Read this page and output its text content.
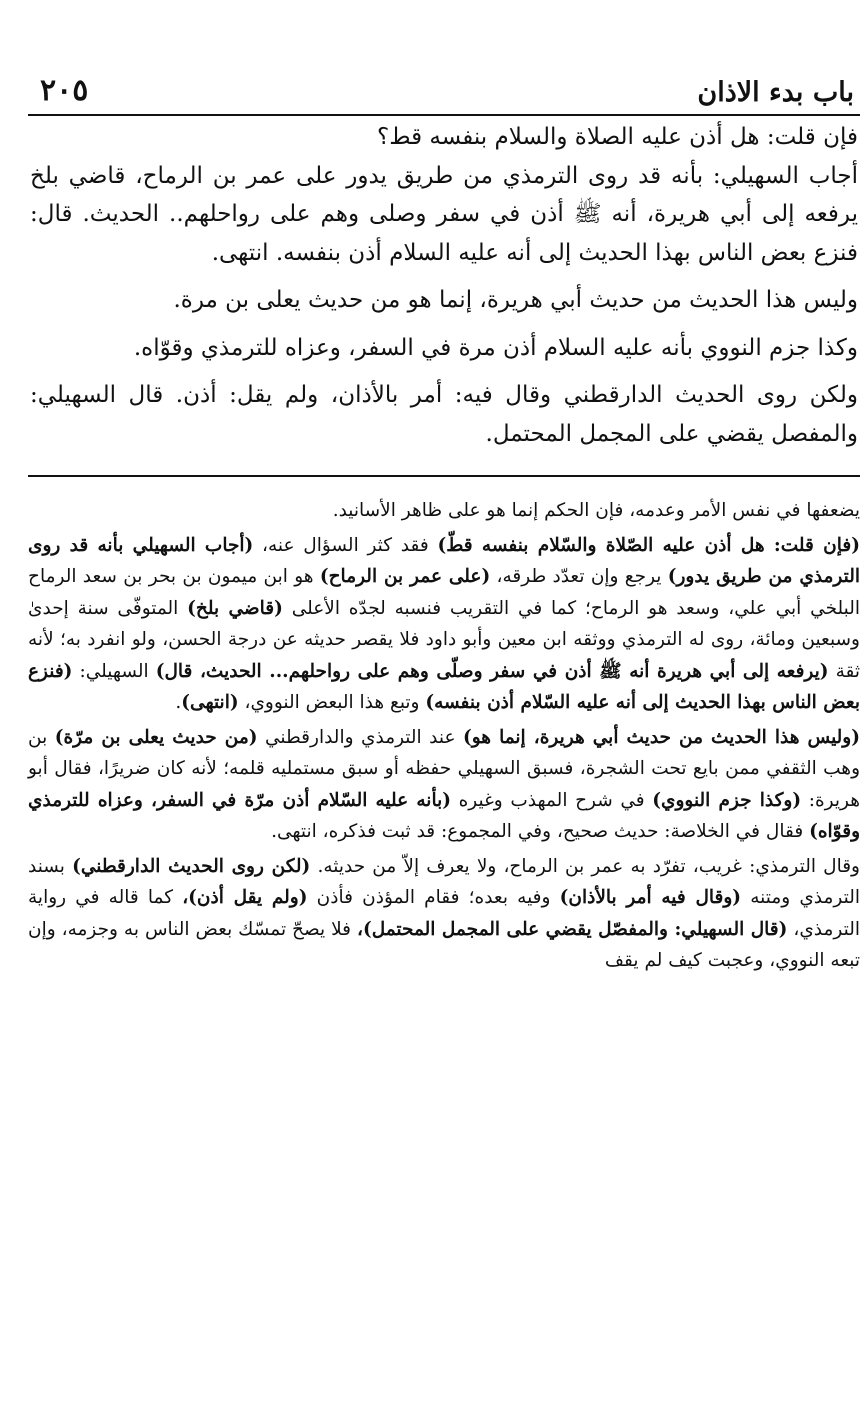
باب بدء الاذان
٢٠٥

فإن قلت: هل أذن عليه الصلاة والسلام بنفسه قط؟

أجاب السهيلي: بأنه قد روى الترمذي من طريق يدور على عمر بن الرماح، قاضي بلخ يرفعه إلى أبي هريرة، أنه ﷺ أذن في سفر وصلى وهم على رواحلهم.. الحديث. قال: فنزع بعض الناس بهذا الحديث إلى أنه عليه السلام أذن بنفسه. انتهى.

وليس هذا الحديث من حديث أبي هريرة، إنما هو من حديث يعلى بن مرة.

وكذا جزم النووي بأنه عليه السلام أذن مرة في السفر، وعزاه للترمذي وقوّاه.

ولكن روى الحديث الدارقطني وقال فيه: أمر بالأذان، ولم يقل: أذن. قال السهيلي: والمفصل يقضي على المجمل المحتمل.

يضعفها في نفس الأمر وعدمه، فإن الحكم إنما هو على ظاهر الأسانيد.

(فإن قلت: هل أذن عليه الصّلاة والسّلام بنفسه قطّ) فقد كثر السؤال عنه، (أجاب السهيلي بأنه قد روى الترمذي من طريق يدور) يرجع وإن تعدّد طرقه، (على عمر بن الرماح) هو ابن ميمون بن بحر بن سعد الرماح البلخي أبي علي، وسعد هو الرماح؛ كما في التقريب فنسبه لجدّه الأعلى (قاضي بلخ) المتوفّى سنة إحدىٰ وسبعين ومائة، روى له الترمذي ووثقه ابن معين وأبو داود فلا يقصر حديثه عن درجة الحسن، ولو انفرد به؛ لأنه ثقة (يرفعه إلى أبي هريرة أنه ﷺ أذن في سفر وصلّى وهم على رواحلهم... الحديث، قال) السهيلي: (فنزع بعض الناس بهذا الحديث إلى أنه عليه السّلام أذن بنفسه) وتبع هذا البعض النووي، (انتهى).

(وليس هذا الحديث من حديث أبي هريرة، إنما هو) عند الترمذي والدارقطني (من حديث يعلى بن مرّة) بن وهب الثقفي ممن بايع تحت الشجرة، فسبق السهيلي حفظه أو سبق مستمليه قلمه؛ لأنه كان ضريرًا، فقال أبو هريرة: (وكذا جزم النووي) في شرح المهذب وغيره (بأنه عليه السّلام أذن مرّة في السفر، وعزاه للترمذي وقوّاه) فقال في الخلاصة: حديث صحيح، وفي المجموع: قد ثبت فذكره، انتهى.

وقال الترمذي: غريب، تفرّد به عمر بن الرماح، ولا يعرف إلاّ من حديثه. (لكن روى الحديث الدارقطني) بسند الترمذي ومتنه (وقال فيه أمر بالأذان) وفيه بعده؛ فقام المؤذن فأذن (ولم يقل أذن)، كما قاله في رواية الترمذي، (قال السهيلي: والمفصّل يقضي على المجمل المحتمل)، فلا يصحّ تمسّك بعض الناس به وجزمه، وإن تبعه النووي، وعجبت كيف لم يقف
